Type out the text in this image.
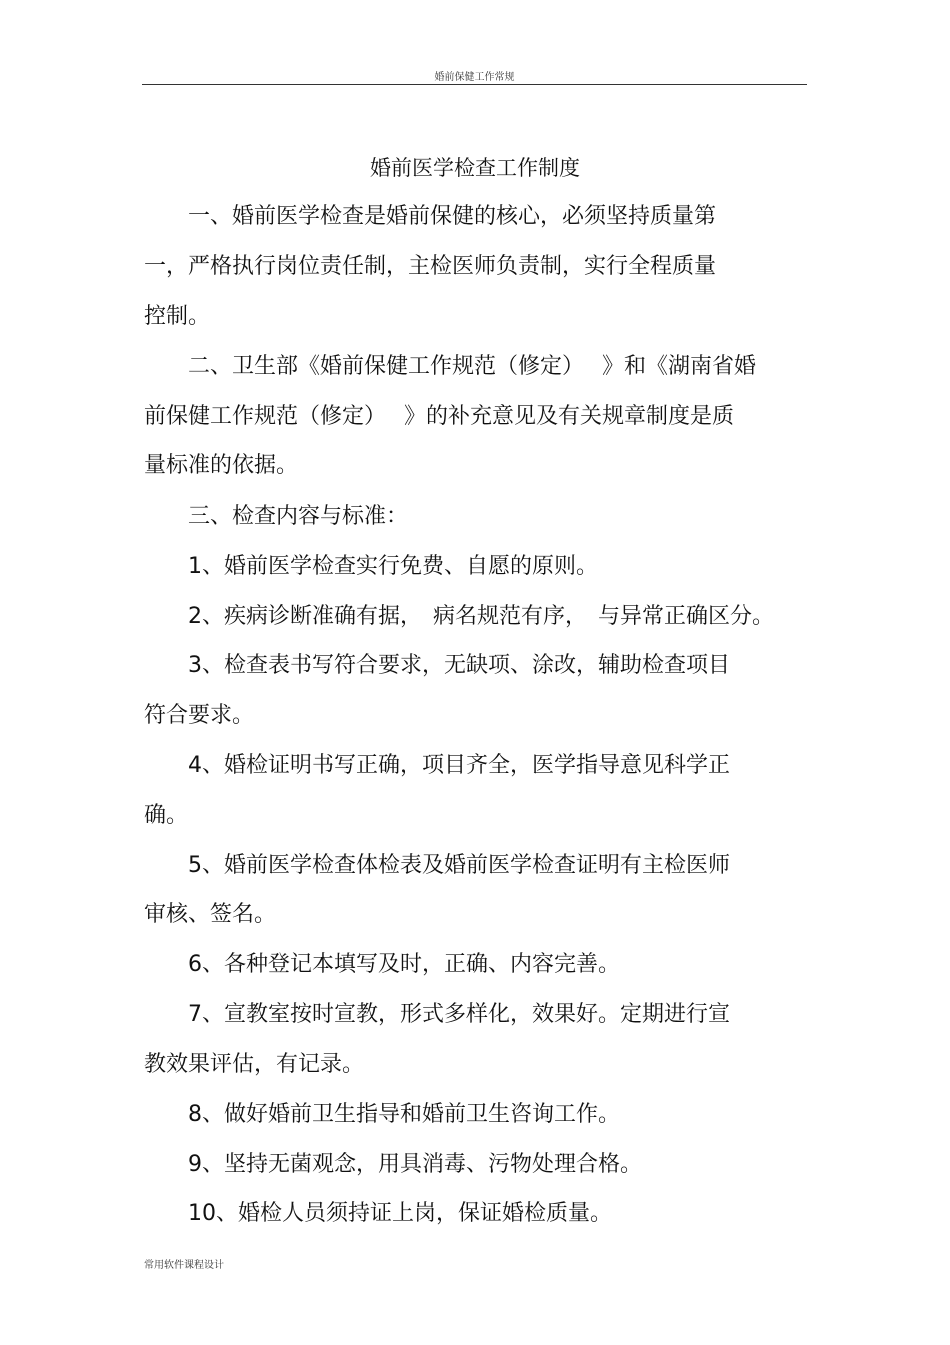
婚前保健工作常规
婚前医学检查工作制度
　　一、婚前医学检查是婚前保健的核心，必须坚持质量第
一，严格执行岗位责任制，主检医师负责制，实行全程质量
控制。
　　二、卫生部《婚前保健工作规范（修定）　 》和《湖南省婚
前保健工作规范（修定）　 》的补充意见及有关规章制度是质
量标准的依据。
　　三、检查内容与标准：
　　1、婚前医学检查实行免费、自愿的原则。
　　2、疾病诊断准确有据，　病名规范有序，　与异常正确区分。
　　3、检查表书写符合要求，无缺项、涂改，辅助检查项目
符合要求。
　　4、婚检证明书写正确，项目齐全，医学指导意见科学正
确。
　　5、婚前医学检查体检表及婚前医学检查证明有主检医师
审核、签名。
　　6、各种登记本填写及时，正确、内容完善。
　　7、宣教室按时宣教，形式多样化，效果好。定期进行宣
教效果评估，有记录。
　　8、做好婚前卫生指导和婚前卫生咨询工作。
　　9、坚持无菌观念，用具消毒、污物处理合格。
　　10、婚检人员须持证上岗，保证婚检质量。
常用软件课程设计
